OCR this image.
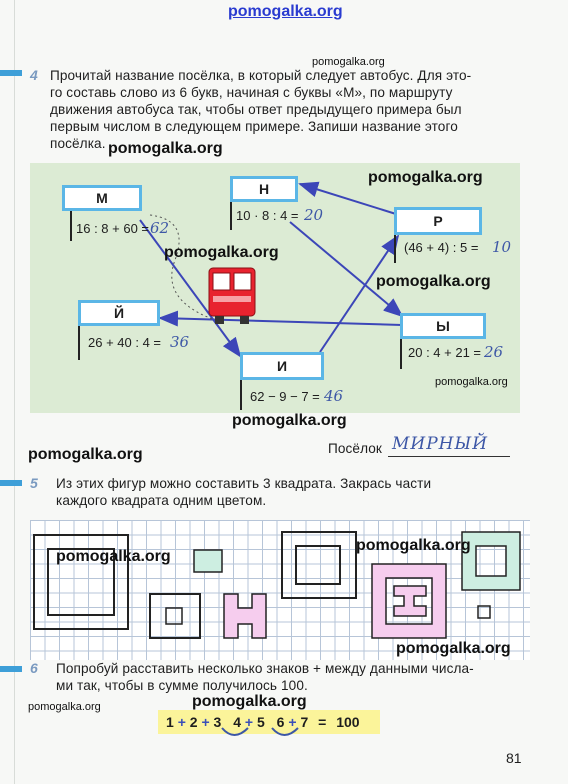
pomogalka.org
4
pomogalka.org
Прочитай название посёлка, в который следует автобус. Для это-
го составь слово из 6 букв, начиная с буквы «М», по маршруту
движения автобуса так, чтобы ответ предыдущего примера был
первым числом в следующем примере. Запиши название этого
посёлка.
М
16 : 8 + 60 = 62
Н
10 · 8 : 4 = 20	Р
(46 + 4) : 5 = 10
Й
26 + 40 : 4 = 36
Ы
20 : 4 + 21 = 26
И
62 − 9 − 7 = 46
pomogalka.org
pomogalka.org
pomogalka.org
pomogalka.org
pomogalka.org
pomogalka.org
pomogalka.org	Посёлок МИРНЫЙ
5 Из этих фигур можно составить 3 квадрата. Закрась части
каждого квадрата одним цветом.
pomogalka.org
pomogalka.org
pomogalka.org
6 Попробуй расставить несколько знаков + между данными числа-
ми так, чтобы в сумме получилось 100.
pomogalka.org
pomogalka.org
1 + 2 + 3 4 + 5 6 + 7 = 100
81
